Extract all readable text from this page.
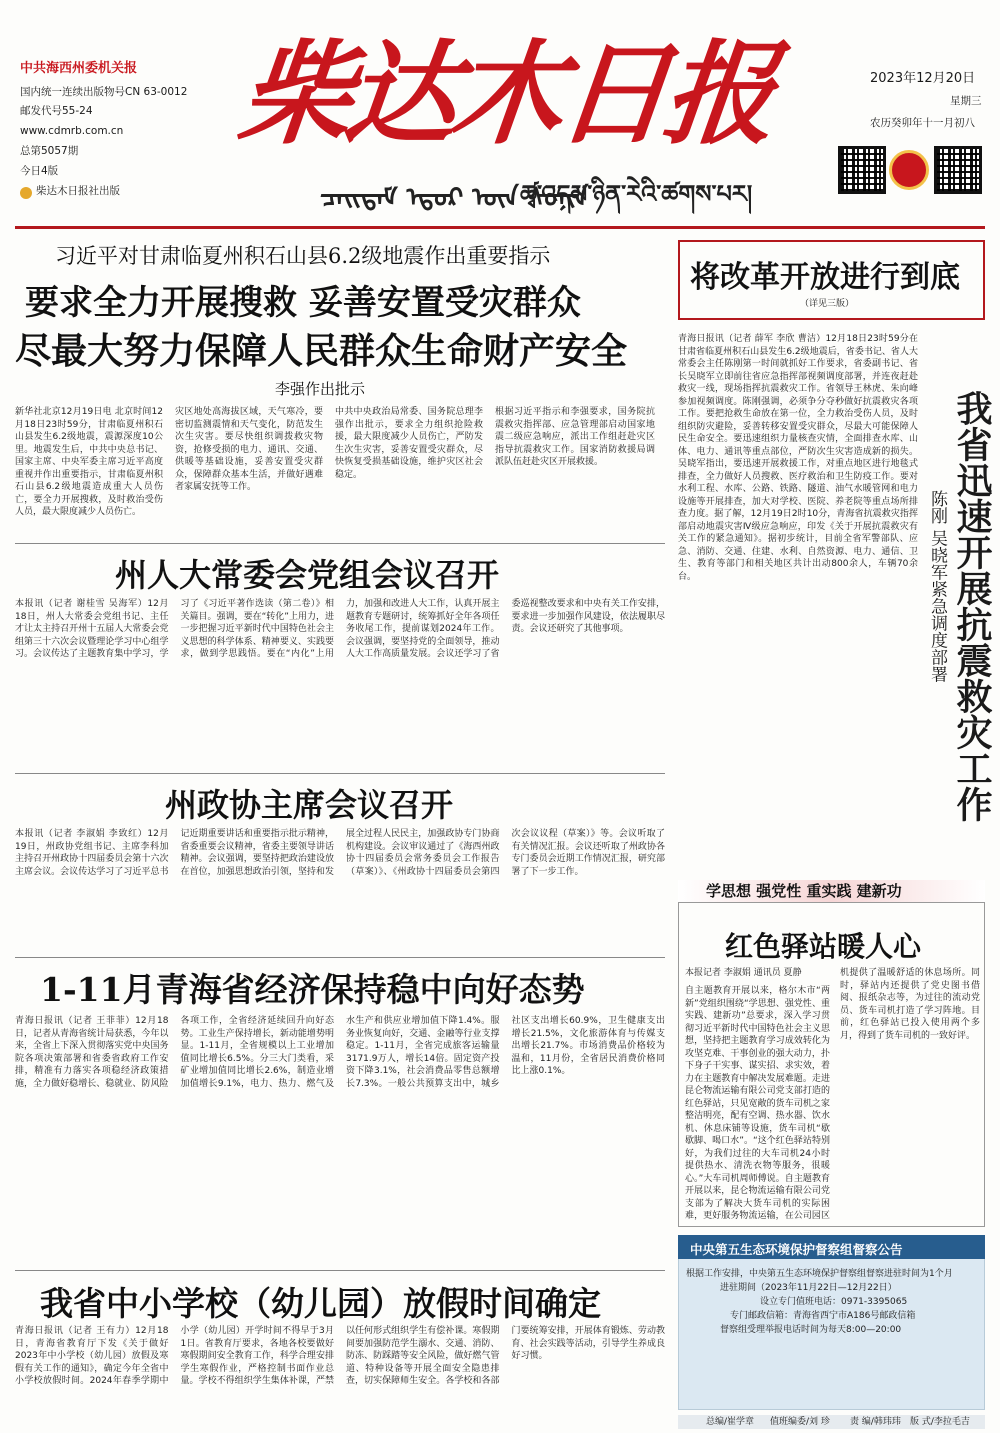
中共海西州委机关报
国内统一连续出版物号CN 63-0012
邮发代号55-24
www.cdmrb.com.cn
总第5057期
今日4版
柴达木日报社出版
柴达木日报
ᠴᠠᠢᠳᠠᠮ ᠡᠳᠦᠷ ᠦᠨ ᠰᠣᠨᠢᠨ
ཚྭ་འདམ་ཉིན་རེའི་ཚགས་པར།
2023年12月20日
星期三
农历癸卯年十一月初八
习近平对甘肃临夏州积石山县6.2级地震作出重要指示
要求全力开展搜救 妥善安置受灾群众
尽最大努力保障人民群众生命财产安全
李强作出批示
新华社北京12月19日电 北京时间12月18日23时59分，甘肃临夏州积石山县发生6.2级地震，震源深度10公里。地震发生后，中共中央总书记、国家主席、中央军委主席习近平高度重视并作出重要指示，甘肃临夏州积石山县6.2级地震造成重大人员伤亡，要全力开展搜救，及时救治受伤人员，最大限度减少人员伤亡。
灾区地处高海拔区域，天气寒冷，要密切监测震情和天气变化，防范发生次生灾害。要尽快组织调拨救灾物资，抢修受损的电力、通讯、交通、供暖等基础设施，妥善安置受灾群众，保障群众基本生活，并做好遇难者家属安抚等工作。
中共中央政治局常委、国务院总理李强作出批示，要求全力组织抢险救援，最大限度减少人员伤亡，严防发生次生灾害，妥善安置受灾群众，尽快恢复受损基础设施，维护灾区社会稳定。
根据习近平指示和李强要求，国务院抗震救灾指挥部、应急管理部启动国家地震二级应急响应，派出工作组赶赴灾区指导抗震救灾工作。国家消防救援局调派队伍赶赴灾区开展救援。
将改革开放进行到底
（详见三版）
青海日报讯（记者 薛军 李欣 曹洁）12月18日23时59分在甘肃省临夏州积石山县发生6.2级地震后，省委书记、省人大常委会主任陈刚第一时间就抓好工作要求，省委副书记、省长吴晓军立即前往省应急指挥部视频调度部署，并连夜赶赴救灾一线，现场指挥抗震救灾工作。省领导王林虎、朱向峰参加视频调度。陈刚强调，必须争分夺秒做好抗震救灾各项工作。要把抢救生命放在第一位，全力救治受伤人员，及时组织防灾避险，妥善转移安置受灾群众，尽最大可能保障人民生命安全。要迅速组织力量核查灾情，全面排查水库、山体、电力、通讯等重点部位，严防次生灾害造成新的损失。吴晓军指出，要迅速开展救援工作，对重点地区进行地毯式排查，全力做好人员搜救、医疗救治和卫生防疫工作。要对水利工程、水库、公路、铁路、隧道、油气水暖管网和电力设施等开展排查，加大对学校、医院、养老院等重点场所排查力度。据了解，12月19日2时10分，青海省抗震救灾指挥部启动地震灾害Ⅳ级应急响应，印发《关于开展抗震救灾有关工作的紧急通知》。据初步统计，目前全省军警部队、应急、消防、交通、住建、水利、自然资源、电力、通信、卫生、教育等部门和相关地区共计出动800余人，车辆70余台。	我省迅速开展抗震救灾工作
陈刚 吴晓军紧急调度部署
州人大常委会党组会议召开
本报讯（记者 谢桂雪 吴海军）12月18日，州人大常委会党组书记、主任才让太主持召开州十五届人大常委会党组第三十六次会议暨理论学习中心组学习。会议传达了主题教育集中学习，学习了《习近平著作选读（第二卷）》相关篇目。强调，要在“转化”上用力，进一步把握习近平新时代中国特色社会主义思想的科学体系、精神要义、实践要求，做到学思践悟。要在“内化”上用力，加强和改进人大工作，认真开展主题教育专题研讨，统筹抓好全年各项任务收尾工作，提前谋划2024年工作。会议强调，要坚持党的全面领导，推动人大工作高质量发展。会议还学习了省委巡视整改要求和中央有关工作安排，要求进一步加强作风建设，依法履职尽责。会议还研究了其他事项。
州政协主席会议召开
本报讯（记者 李淑娟 李致红）12月19日，州政协党组书记、主席李科加主持召开州政协十四届委员会第十六次主席会议。会议传达学习了习近平总书记近期重要讲话和重要指示批示精神，省委重要会议精神，省委主要领导讲话精神。会议强调，要坚持把政治建设放在首位，加强思想政治引领，坚持和发展全过程人民民主，加强政协专门协商机构建设。会议审议通过了《海西州政协十四届委员会常务委员会工作报告（草案）》、《州政协十四届委员会第四次会议议程（草案）》等。会议听取了有关情况汇报。会议还听取了州政协各专门委员会近期工作情况汇报，研究部署了下一步工作。
1-11月青海省经济保持稳中向好态势
青海日报讯（记者 王菲菲）12月18日，记者从青海省统计局获悉，今年以来，全省上下深入贯彻落实党中央国务院各项决策部署和省委省政府工作安排，精准有力落实各项稳经济政策措施，全力做好稳增长、稳就业、防风险各项工作，全省经济延续回升向好态势。工业生产保持增长，新动能增势明显。1-11月，全省规模以上工业增加值同比增长6.5%。分三大门类看，采矿业增加值同比增长2.6%，制造业增加值增长9.1%，电力、热力、燃气及水生产和供应业增加值下降1.4%。服务业恢复向好，交通、金融等行业支撑稳定。1-11月，全省完成旅客运输量3171.9万人，增长14倍。固定资产投资下降3.1%，社会消费品零售总额增长7.3%。一般公共预算支出中，城乡社区支出增长60.9%，卫生健康支出增长21.5%，文化旅游体育与传媒支出增长21.7%。市场消费品价格较为温和，11月份，全省居民消费价格同比上涨0.1%。
我省中小学校（幼儿园）放假时间确定
青海日报讯（记者 王有力）12月18日，青海省教育厅下发《关于做好2023年中小学校（幼儿园）放假及寒假有关工作的通知》，确定今年全省中小学校放假时间。2024年春季学期中小学（幼儿园）开学时间不得早于3月1日。省教育厅要求，各地各校要做好寒假期间安全教育工作，科学合理安排学生寒假作业，严格控制书面作业总量。学校不得组织学生集体补课，严禁以任何形式组织学生有偿补课。寒假期间要加强防范学生溺水、交通、消防、防冻、防踩踏等安全风险，做好燃气管道、特种设备等开展全面安全隐患排查，切实保障师生安全。各学校和各部门要统筹安排，开展体育锻炼、劳动教育、社会实践等活动，引导学生养成良好习惯。
学思想 强党性 重实践 建新功
红色驿站暖人心
本报记者 李淑娟 通讯员 夏静
自主题教育开展以来，格尔木市“两新”党组织围绕“学思想、强党性、重实践、建新功”总要求，深入学习贯彻习近平新时代中国特色社会主义思想，坚持把主题教育学习成效转化为攻坚克难、干事创业的强大动力，扑下身子干实事、谋实招、求实效，着力在主题教育中解决发展难题。走进昆仑物流运输有限公司党支部打造的红色驿站，只见宽敞的货车司机之家整洁明亮，配有空调、热水器、饮水机、休息床铺等设施，货车司机“歇歇脚、喝口水”。“这个红色驿站特别好，为我们过往的大车司机24小时提供热水、清洗衣物等服务，很暖心。”大车司机周师傅说。自主题教育开展以来，昆仑物流运输有限公司党支部为了解决大货车司机的实际困难，更好服务物流运输，在公司园区
机提供了温暖舒适的休息场所。同时，驿站内还提供了党史图书借阅、报纸杂志等，为过往的流动党员、货车司机打造了学习阵地。目前，红色驿站已投入使用两个多月，得到了货车司机的一致好评。
中央第五生态环境保护督察组督察公告
根据工作安排，中央第五生态环境保护督察组督察进驻时间为1个月
进驻期间（2023年11月22日—12月22日）
设立专门值班电话：0971-3395065
专门邮政信箱：青海省西宁市A186号邮政信箱
督察组受理举报电话时间为每天8:00—20:00
总编/崔学章 值班编委/刘 珍 责 编/韩玮玮 版 式/李拉毛吉
